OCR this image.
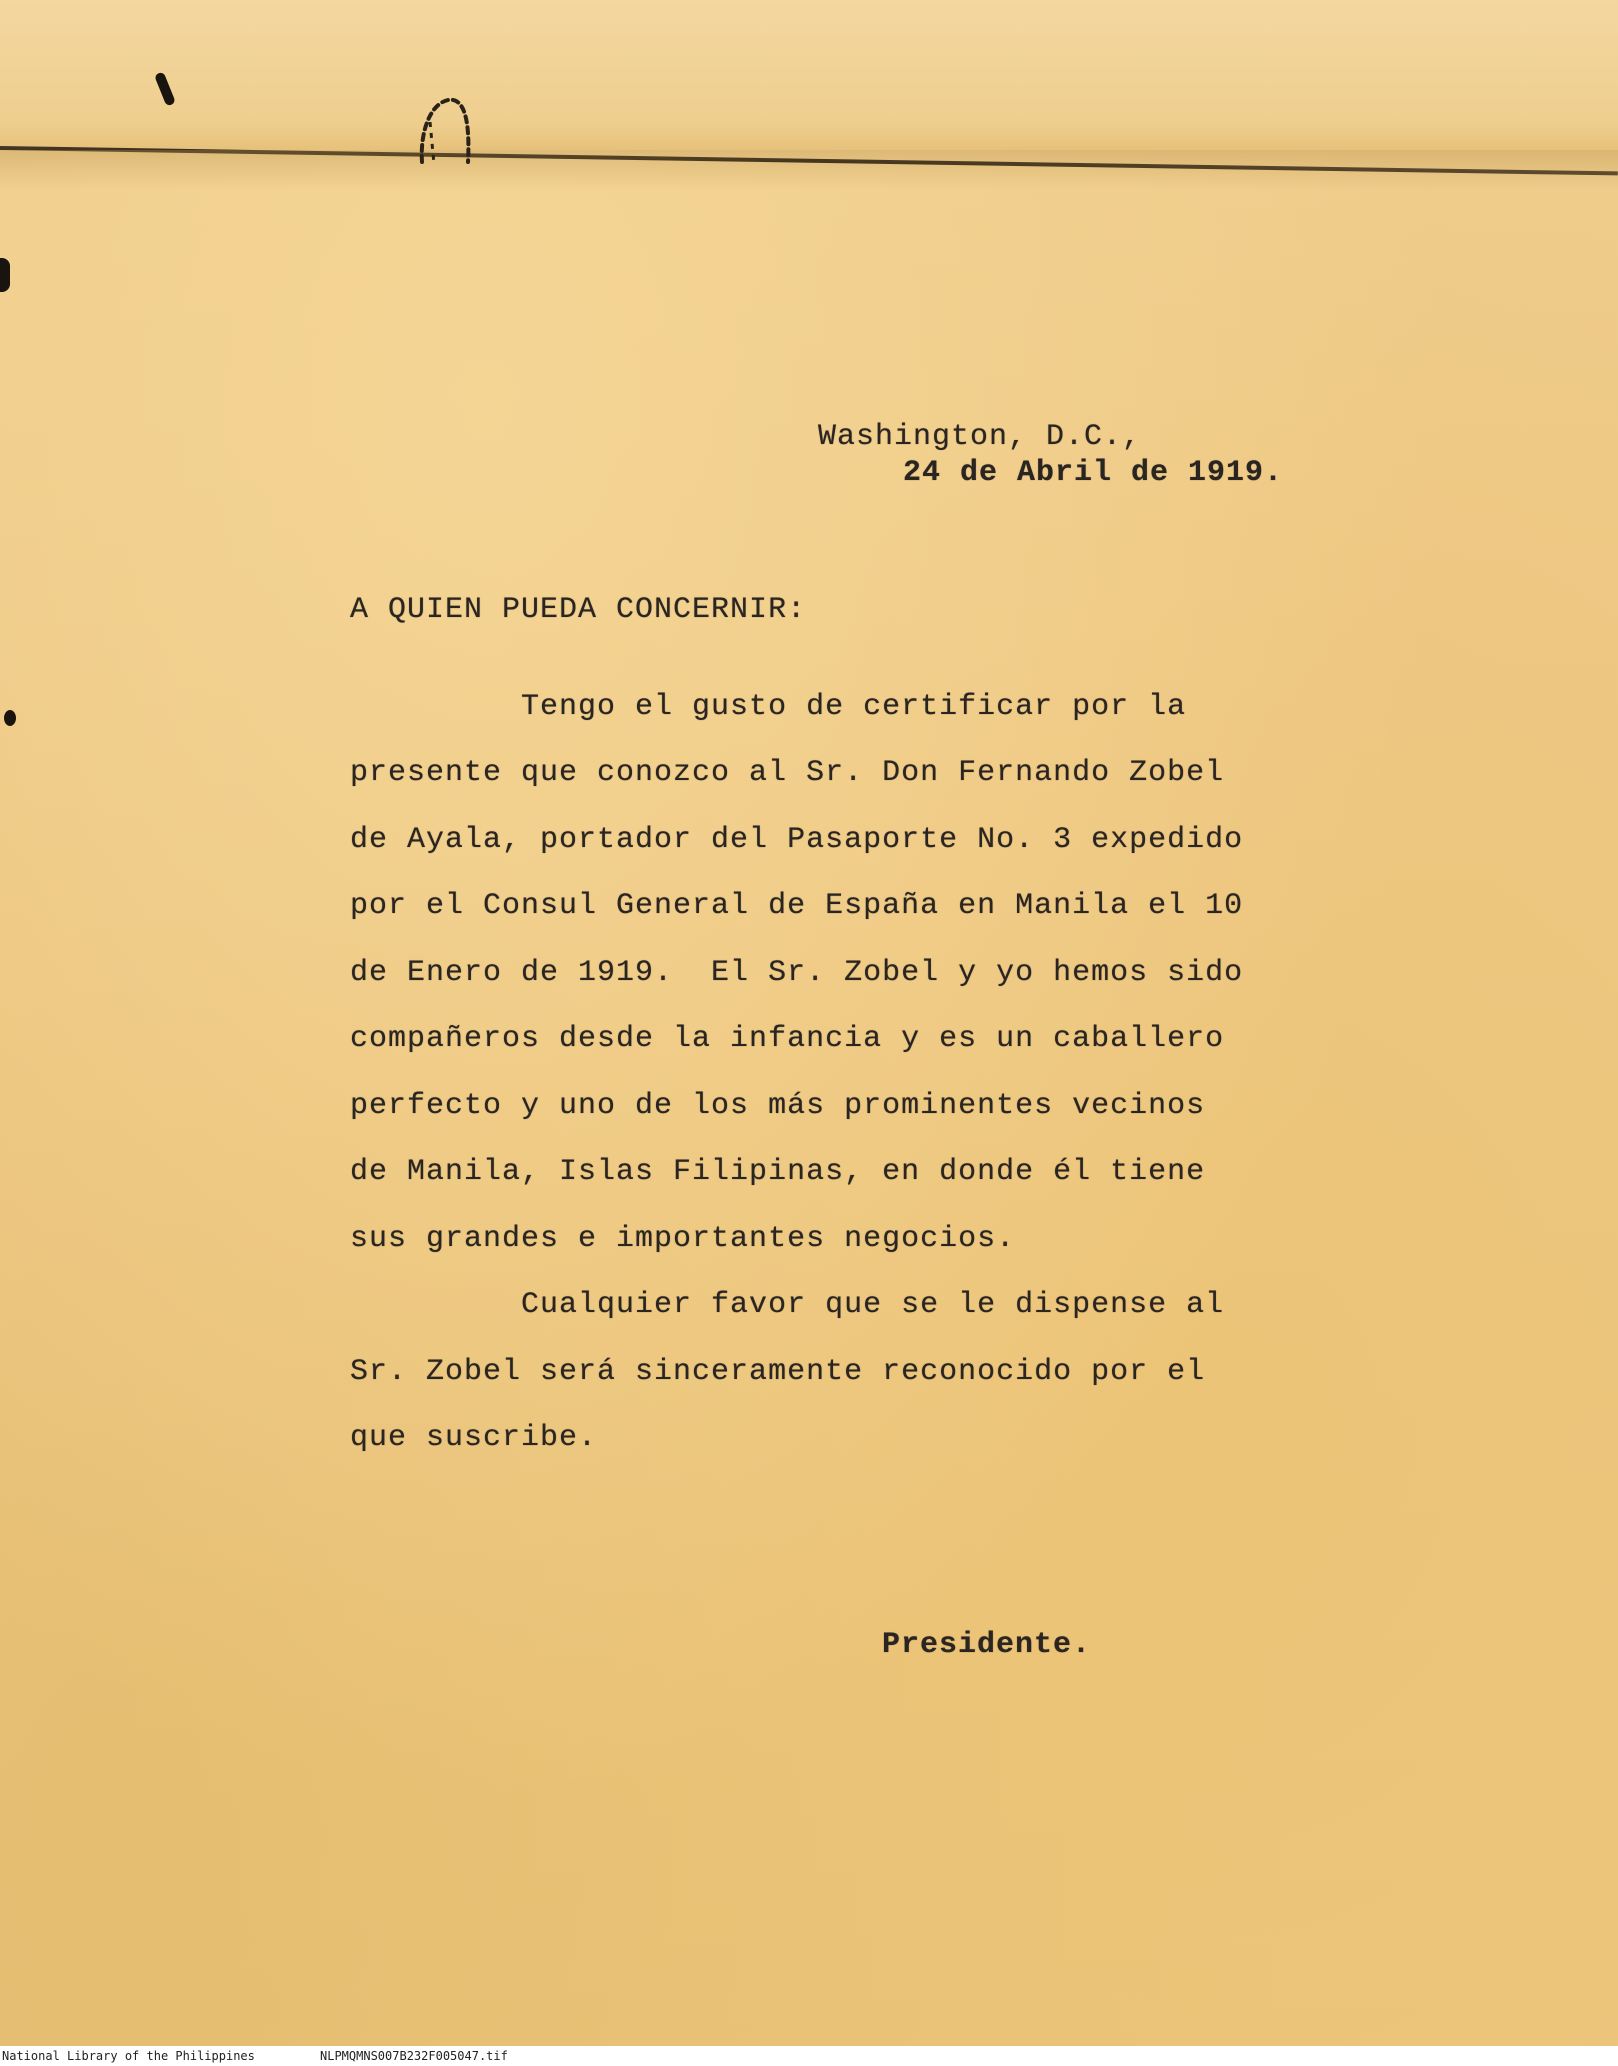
Washington, D.C.,
24 de Abril de 1919.
A QUIEN PUEDA CONCERNIR:
Tengo el gusto de certificar por la
presente que conozco al Sr. Don Fernando Zobel
de Ayala, portador del Pasaporte No. 3 expedido
por el Consul General de España en Manila el 10
de Enero de 1919.  El Sr. Zobel y yo hemos sido
compañeros desde la infancia y es un caballero
perfecto y uno de los más prominentes vecinos
de Manila, Islas Filipinas, en donde él tiene
sus grandes e importantes negocios.
Cualquier favor que se le dispense al
Sr. Zobel será sinceramente reconocido por el
que suscribe.
Presidente.
National Library of the Philippines	NLPMQMNS007B232F005047.tif
